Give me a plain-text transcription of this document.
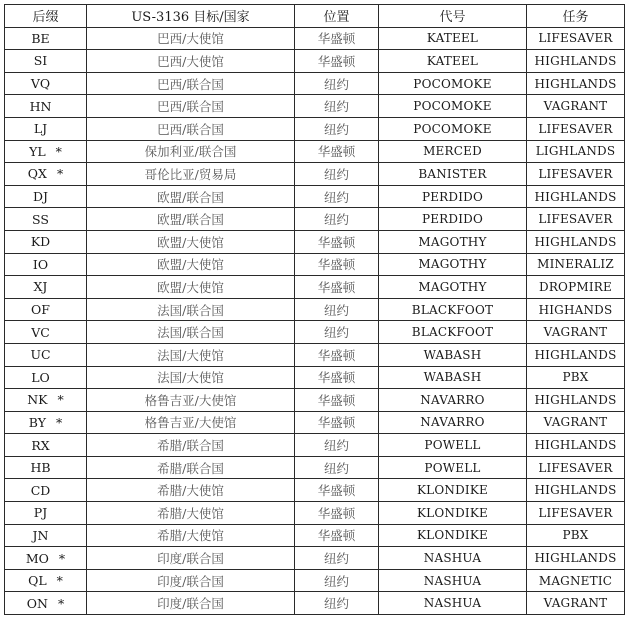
后缀	US-3136 目标/国家	位置	代号	任务
BE	巴西/大使馆	华盛顿	KATEEL	LIFESAVER
SI	巴西/大使馆	华盛顿	KATEEL	HIGHLANDS
VQ	巴西/联合国	纽约	POCOMOKE	HIGHLANDS
HN	巴西/联合国	纽约	POCOMOKE	VAGRANT
LJ	巴西/联合国	纽约	POCOMOKE	LIFESAVER
YL *	保加利亚/联合国	华盛顿	MERCED	LIGHLANDS
QX *	哥伦比亚/贸易局	纽约	BANISTER	LIFESAVER
DJ	欧盟/联合国	纽约	PERDIDO	HIGHLANDS
SS	欧盟/联合国	纽约	PERDIDO	LIFESAVER
KD	欧盟/大使馆	华盛顿	MAGOTHY	HIGHLANDS
IO	欧盟/大使馆	华盛顿	MAGOTHY	MINERALIZ
XJ	欧盟/大使馆	华盛顿	MAGOTHY	DROPMIRE
OF	法国/联合国	纽约	BLACKFOOT	HIGHANDS
VC	法国/联合国	纽约	BLACKFOOT	VAGRANT
UC	法国/大使馆	华盛顿	WABASH	HIGHLANDS
LO	法国/大使馆	华盛顿	WABASH	PBX
NK *	格鲁吉亚/大使馆	华盛顿	NAVARRO	HIGHLANDS
BY *	格鲁吉亚/大使馆	华盛顿	NAVARRO	VAGRANT
RX	希腊/联合国	纽约	POWELL	HIGHLANDS
HB	希腊/联合国	纽约	POWELL	LIFESAVER
CD	希腊/大使馆	华盛顿	KLONDIKE	HIGHLANDS
PJ	希腊/大使馆	华盛顿	KLONDIKE	LIFESAVER
JN	希腊/大使馆	华盛顿	KLONDIKE	PBX
MO *	印度/联合国	纽约	NASHUA	HIGHLANDS
QL *	印度/联合国	纽约	NASHUA	MAGNETIC
ON *	印度/联合国	纽约	NASHUA	VAGRANT
